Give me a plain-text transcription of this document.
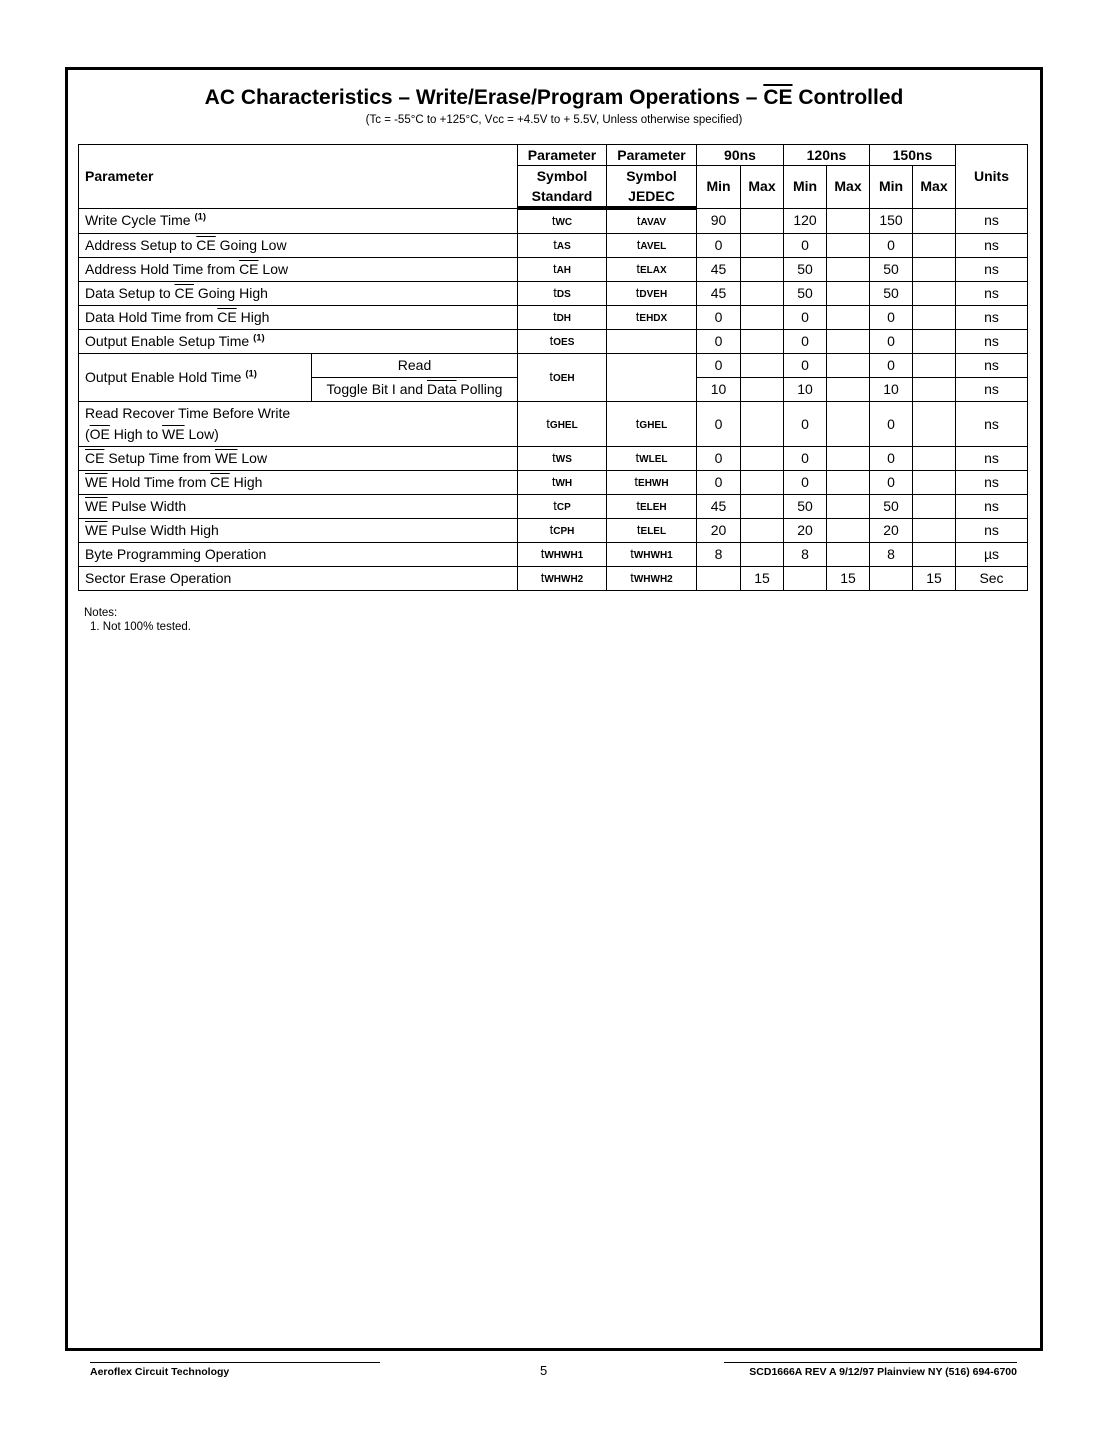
AC Characteristics – Write/Erase/Program Operations – $\overline{CE}$ Controlled
(Tc = -55°C to +125°C, Vcc = +4.5V to + 5.5V, Unless otherwise specified)
Parameter		Parameter	Parameter	90ns		120ns		150ns		Units
		Symbol	Symbol	Min	Max	Min	Max	Min	Max	
		Standard	JEDEC							
Write Cycle Time $^{(1)}$		tWC	tAVAV	90		120		150		ns
Address Setup to $\overline{CE}$ Going Low		tAS	tAVEL	0		0		0		ns
Address Hold Time from $\overline{CE}$ Low		tAH	tELAX	45		50		50		ns
Data Setup to $\overline{CE}$ Going High		tDS	tDVEH	45		50		50		ns
Data Hold Time from $\overline{CE}$ High		tDH	tEHDX	0		0		0		ns
Output Enable Setup Time $^{(1)}$		tOES		0		0		0		ns
Output Enable Hold Time $^{(1)}$	Read	tOEH		0		0		0		ns
	Toggle Bit I and Data Polling			10		10		10		ns

Read Recover Time Before Write
($\overline{OE}$ High to $\overline{WE}$ Low)		tGHEL	tGHEL	0		0		0		ns
$\overline{CE}$ Setup Time from $\overline{WE}$ Low		tWS	tWLEL	0		0		0		ns
$\overline{WE}$ Hold Time from $\overline{CE}$ High		tWH	tEHWH	0		0		0		ns
$\overline{WE}$ Pulse Width		tCP	tELEH	45		50		50		ns
$\overline{WE}$ Pulse Width High		tCPH	tELEL	20		20		20		ns
Byte Programming Operation		tWHWH1	tWHWH1	8		8		8		µs
Sector Erase Operation		tWHWH2	tWHWH2		15		15		15	Sec
Notes:
1. Not 100% tested.
Aeroflex Circuit Technology	5	SCD1666A REV A 9/12/97 Plainview NY (516) 694-6700
